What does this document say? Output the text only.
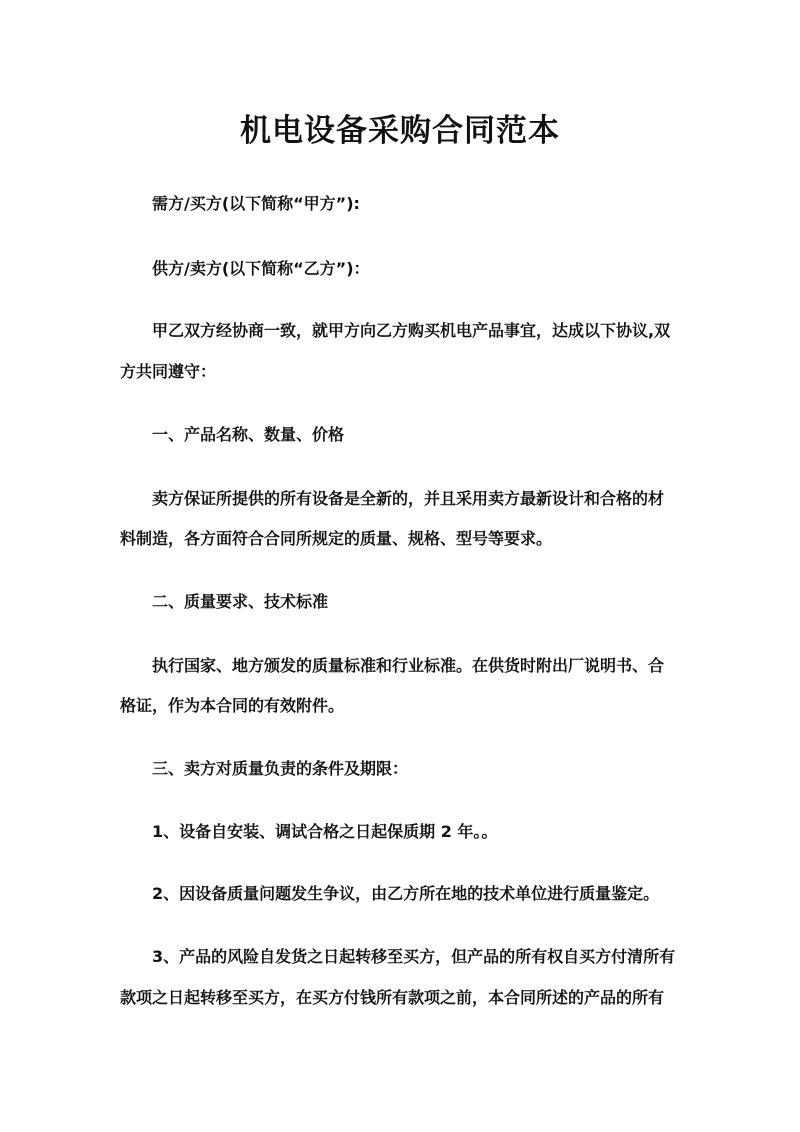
机电设备采购合同范本
需方/买方(以下简称“甲方”):
供方/卖方(以下简称“乙方”)：
甲乙双方经协商一致，就甲方向乙方购买机电产品事宜，达成以下协议,双
方共同遵守：
一、产品名称、数量、价格
卖方保证所提供的所有设备是全新的，并且采用卖方最新设计和合格的材
料制造，各方面符合合同所规定的质量、规格、型号等要求。
二、质量要求、技术标准
执行国家、地方颁发的质量标准和行业标准。在供货时附出厂说明书、合
格证，作为本合同的有效附件。
三、卖方对质量负责的条件及期限：
1、设备自安装、调试合格之日起保质期 2 年。。
2、因设备质量问题发生争议，由乙方所在地的技术单位进行质量鉴定。
3、产品的风险自发货之日起转移至买方，但产品的所有权自买方付清所有
款项之日起转移至买方，在买方付钱所有款项之前，本合同所述的产品的所有
